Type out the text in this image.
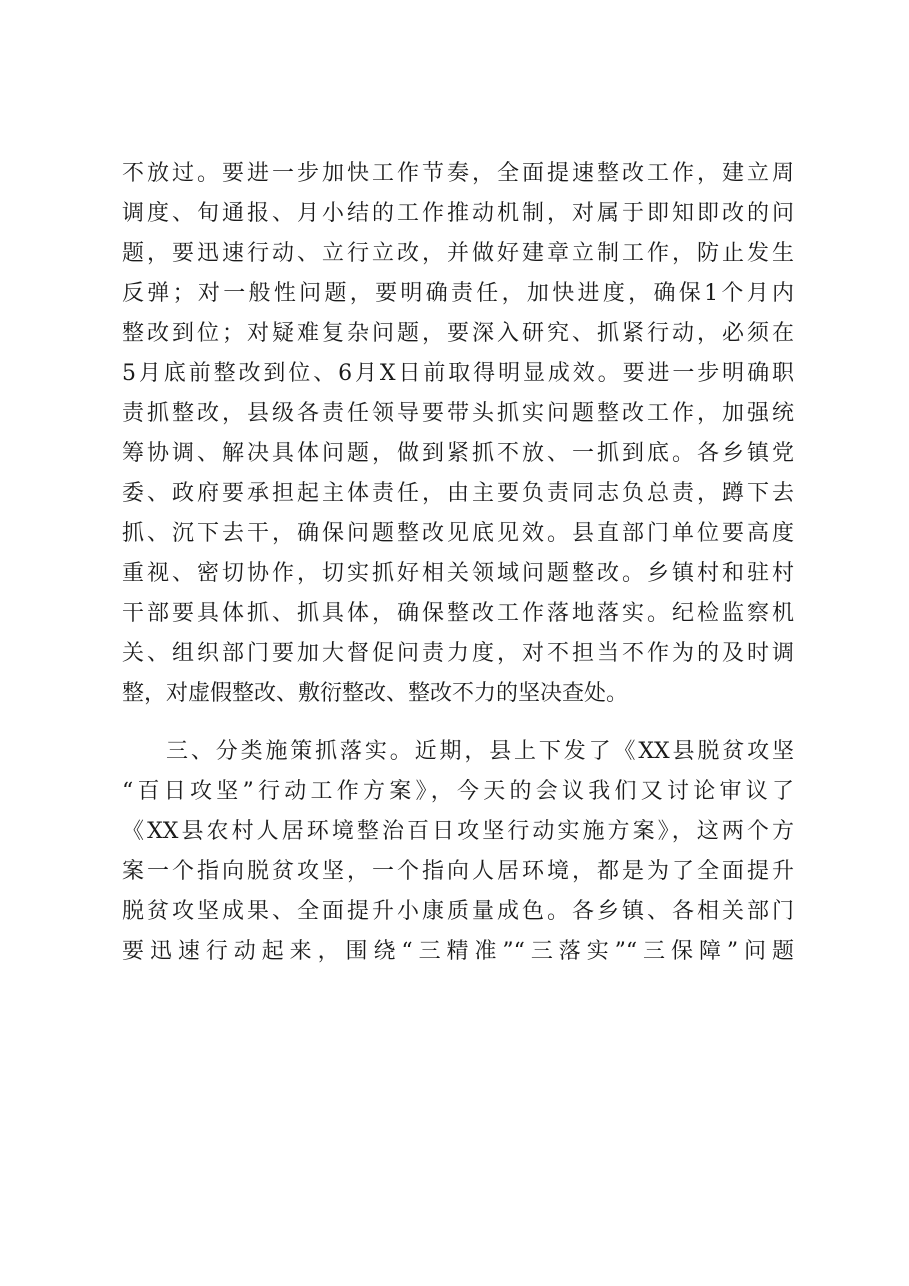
不放过。要进一步加快工作节奏，全面提速整改工作，建立周
调度、旬通报、月小结的工作推动机制，对属于即知即改的问
题，要迅速行动、立行立改，并做好建章立制工作，防止发生
反弹；对一般性问题，要明确责任，加快进度，确保1个月内
整改到位；对疑难复杂问题，要深入研究、抓紧行动，必须在
5月底前整改到位、6月X日前取得明显成效。要进一步明确职
责抓整改，县级各责任领导要带头抓实问题整改工作，加强统
筹协调、解决具体问题，做到紧抓不放、一抓到底。各乡镇党
委、政府要承担起主体责任，由主要负责同志负总责，蹲下去
抓、沉下去干，确保问题整改见底见效。县直部门单位要高度
重视、密切协作，切实抓好相关领域问题整改。乡镇村和驻村
干部要具体抓、抓具体，确保整改工作落地落实。纪检监察机
关、组织部门要加大督促问责力度，对不担当不作为的及时调
整，对虚假整改、敷衍整改、整改不力的坚决查处。
三、分类施策抓落实。近期，县上下发了《XX县脱贫攻坚
“百日攻坚”行动工作方案》，今天的会议我们又讨论审议了
《XX县农村人居环境整治百日攻坚行动实施方案》，这两个方
案一个指向脱贫攻坚，一个指向人居环境，都是为了全面提升
脱贫攻坚成果、全面提升小康质量成色。各乡镇、各相关部门
要迅速行动起来，围绕“三精准”“三落实”“三保障”问题
